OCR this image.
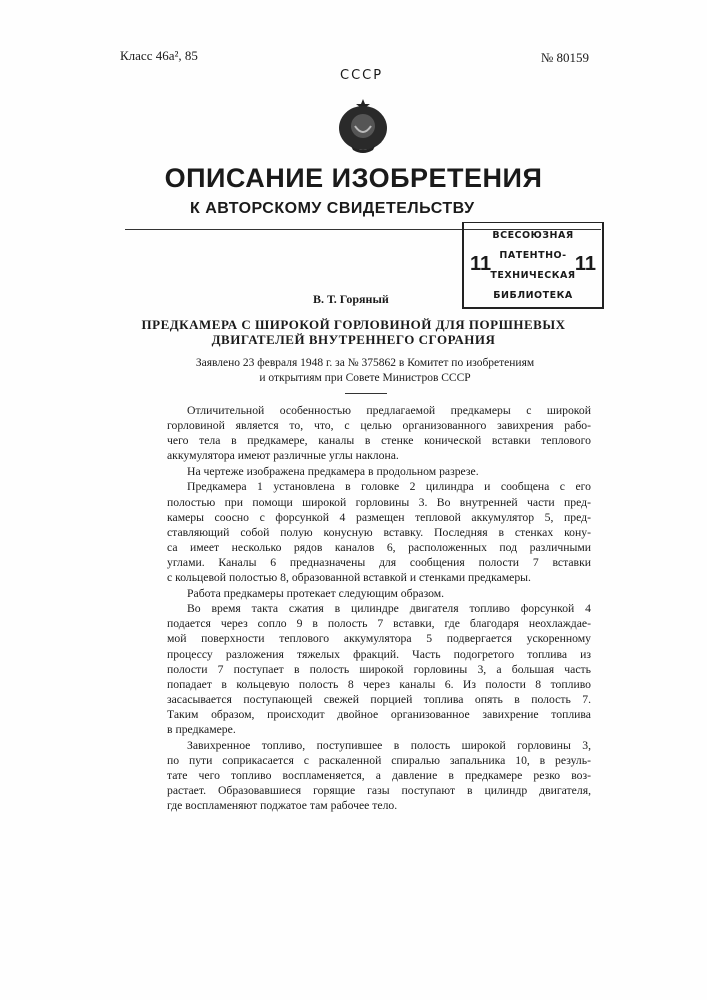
Класс 46а², 85	№ 80159
СССР
ОПИСАНИЕ ИЗОБРЕТЕНИЯ
К АВТОРСКОМУ СВИДЕТЕЛЬСТВУ
11	11
ВСЕСОЮЗНАЯ
ПАТЕНТНО-
ТЕХНИЧЕСКАЯ
БИБЛИОТЕКА
В. Т. Горяный
ПРЕДКАМЕРА С ШИРОКОЙ ГОРЛОВИНОЙ ДЛЯ ПОРШНЕВЫХ
ДВИГАТЕЛЕЙ ВНУТРЕННЕГО СГОРАНИЯ
Заявлено 23 февраля 1948 г. за № 375862 в Комитет по изобретениям
и открытиям при Совете Министров СССР
Отличительной особенностью предлагаемой предкамеры с широкой
горловиной является то, что, с целью организованного завихрения рабо-
чего тела в предкамере, каналы в стенке конической вставки теплового
аккумулятора имеют различные углы наклона.
На чертеже изображена предкамера в продольном разрезе.
Предкамера 1 установлена в головке 2 цилиндра и сообщена с его
полостью при помощи широкой горловины 3. Во внутренней части пред-
камеры соосно с форсункой 4 размещен тепловой аккумулятор 5, пред-
ставляющий собой полую конусную вставку. Последняя в стенках кону-
са имеет несколько рядов каналов 6, расположенных под различными
углами. Каналы 6 предназначены для сообщения полости 7 вставки
с кольцевой полостью 8, образованной вставкой и стенками предкамеры.
Работа предкамеры протекает следующим образом.
Во время такта сжатия в цилиндре двигателя топливо форсункой 4
подается через сопло 9 в полость 7 вставки, где благодаря неохлаждае-
мой поверхности теплового аккумулятора 5 подвергается ускоренному
процессу разложения тяжелых фракций. Часть подогретого топлива из
полости 7 поступает в полость широкой горловины 3, а большая часть
попадает в кольцевую полость 8 через каналы 6. Из полости 8 топливо
засасывается поступающей свежей порцией топлива опять в полость 7.
Таким образом, происходит двойное организованное завихрение топлива
в предкамере.
Завихренное топливо, поступившее в полость широкой горловины 3,
по пути соприкасается с раскаленной спиралью запальника 10, в резуль-
тате чего топливо воспламеняется, а давление в предкамере резко воз-
растает. Образовавшиеся горящие газы поступают в цилиндр двигателя,
где воспламеняют поджатое там рабочее тело.
